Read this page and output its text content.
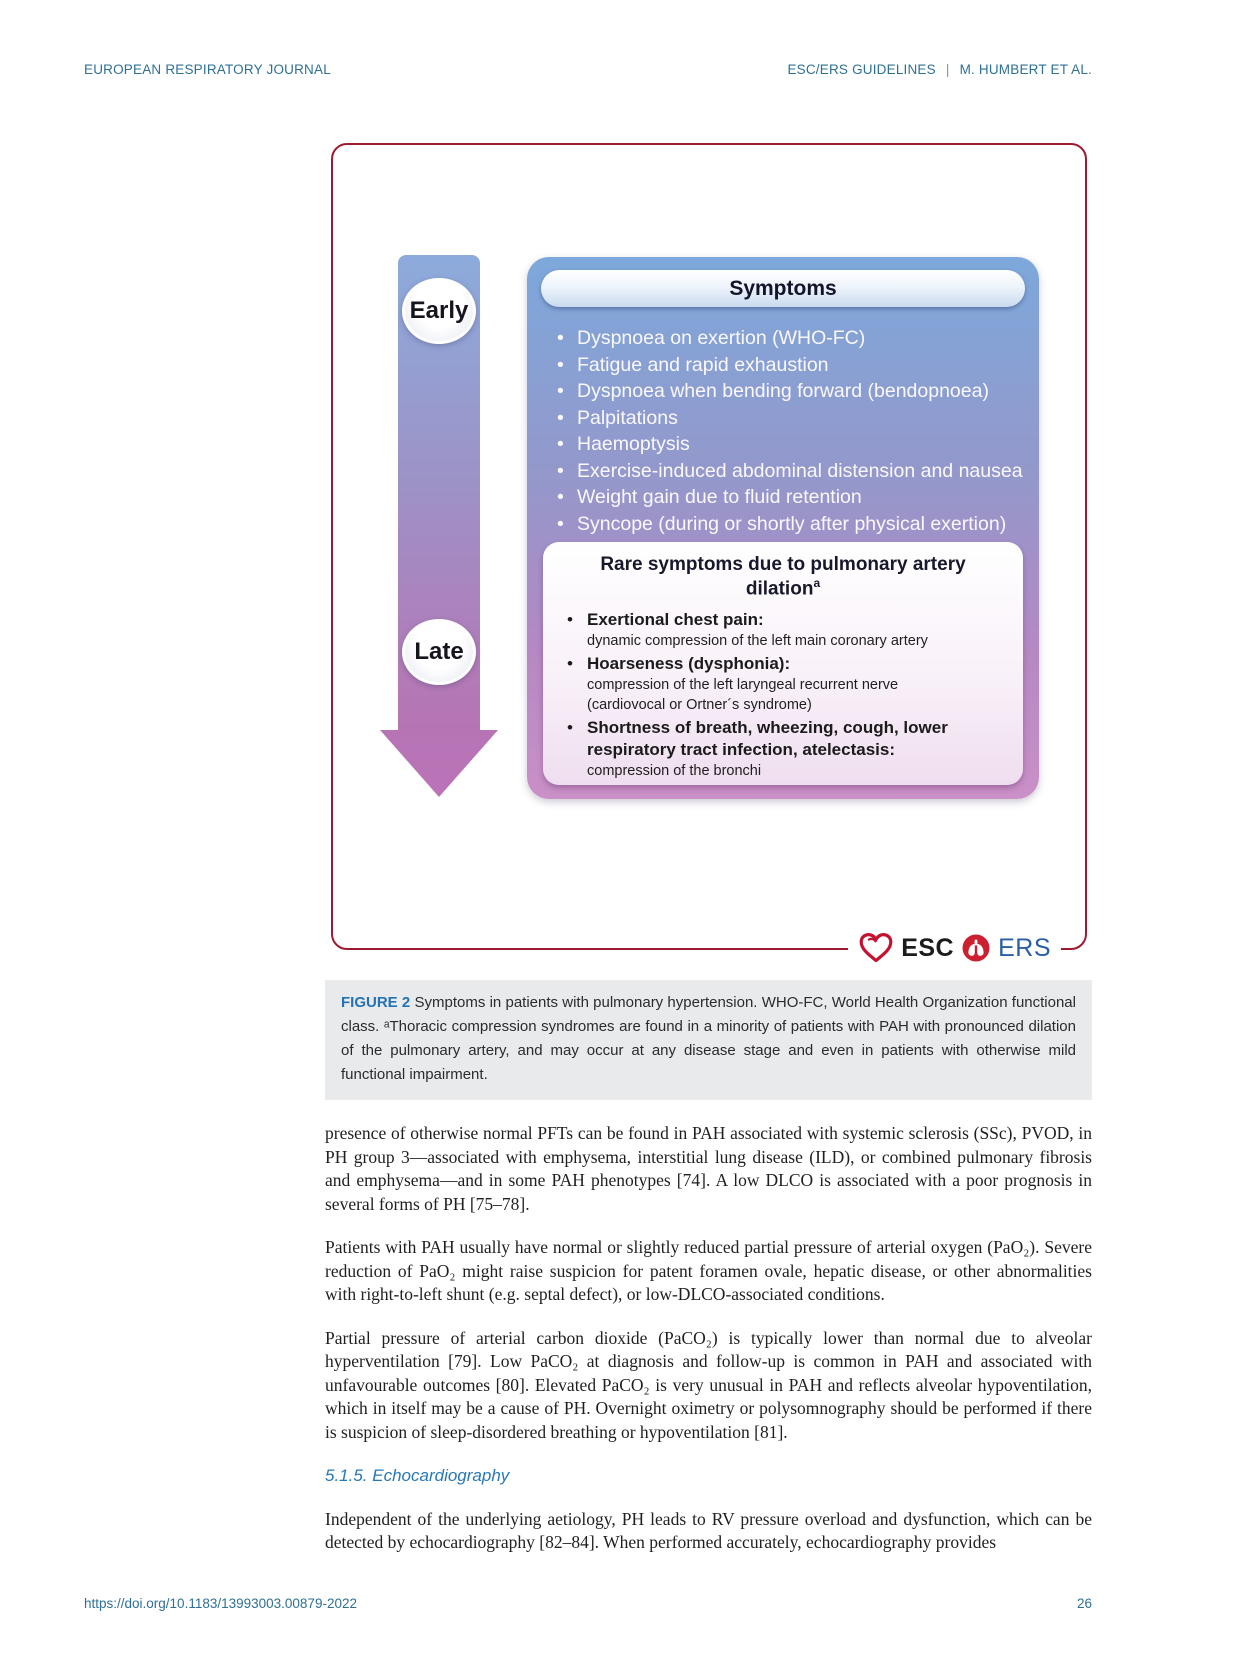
EUROPEAN RESPIRATORY JOURNAL	ESC/ERS GUIDELINES | M. HUMBERT ET AL.
Early
Late
Symptoms
• Dyspnoea on exertion (WHO-FC)
• Fatigue and rapid exhaustion
• Dyspnoea when bending forward (bendopnoea)
• Palpitations
• Haemoptysis
• Exercise-induced abdominal distension and nausea
• Weight gain due to fluid retention
• Syncope (during or shortly after physical exertion)
Rare symptoms due to pulmonary artery dilation$^a$
• Exertional chest pain:
dynamic compression of the left main coronary artery
• Hoarseness (dysphonia):
compression of the left laryngeal recurrent nerve
(cardiovocal or Ortner´s syndrome)
• Shortness of breath, wheezing, cough, lower respiratory tract infection, atelectasis:
compression of the bronchi
ESC ERS
FIGURE 2 Symptoms in patients with pulmonary hypertension. WHO-FC, World Health Organization functional class. ᵃThoracic compression syndromes are found in a minority of patients with PAH with pronounced dilation of the pulmonary artery, and may occur at any disease stage and even in patients with otherwise mild functional impairment.

presence of otherwise normal PFTs can be found in PAH associated with systemic sclerosis (SSc), PVOD, in PH group 3—associated with emphysema, interstitial lung disease (ILD), or combined pulmonary fibrosis and emphysema—and in some PAH phenotypes [74]. A low DLCO is associated with a poor prognosis in several forms of PH [75–78].

Patients with PAH usually have normal or slightly reduced partial pressure of arterial oxygen (PaO₂). Severe reduction of PaO₂ might raise suspicion for patent foramen ovale, hepatic disease, or other abnormalities with right-to-left shunt (e.g. septal defect), or low-DLCO-associated conditions.

Partial pressure of arterial carbon dioxide (PaCO₂) is typically lower than normal due to alveolar hyperventilation [79]. Low PaCO₂ at diagnosis and follow-up is common in PAH and associated with unfavourable outcomes [80]. Elevated PaCO₂ is very unusual in PAH and reflects alveolar hypoventilation, which in itself may be a cause of PH. Overnight oximetry or polysomnography should be performed if there is suspicion of sleep-disordered breathing or hypoventilation [81].

5.1.5. Echocardiography

Independent of the underlying aetiology, PH leads to RV pressure overload and dysfunction, which can be detected by echocardiography [82–84]. When performed accurately, echocardiography provides

https://doi.org/10.1183/13993003.00879-2022	26
